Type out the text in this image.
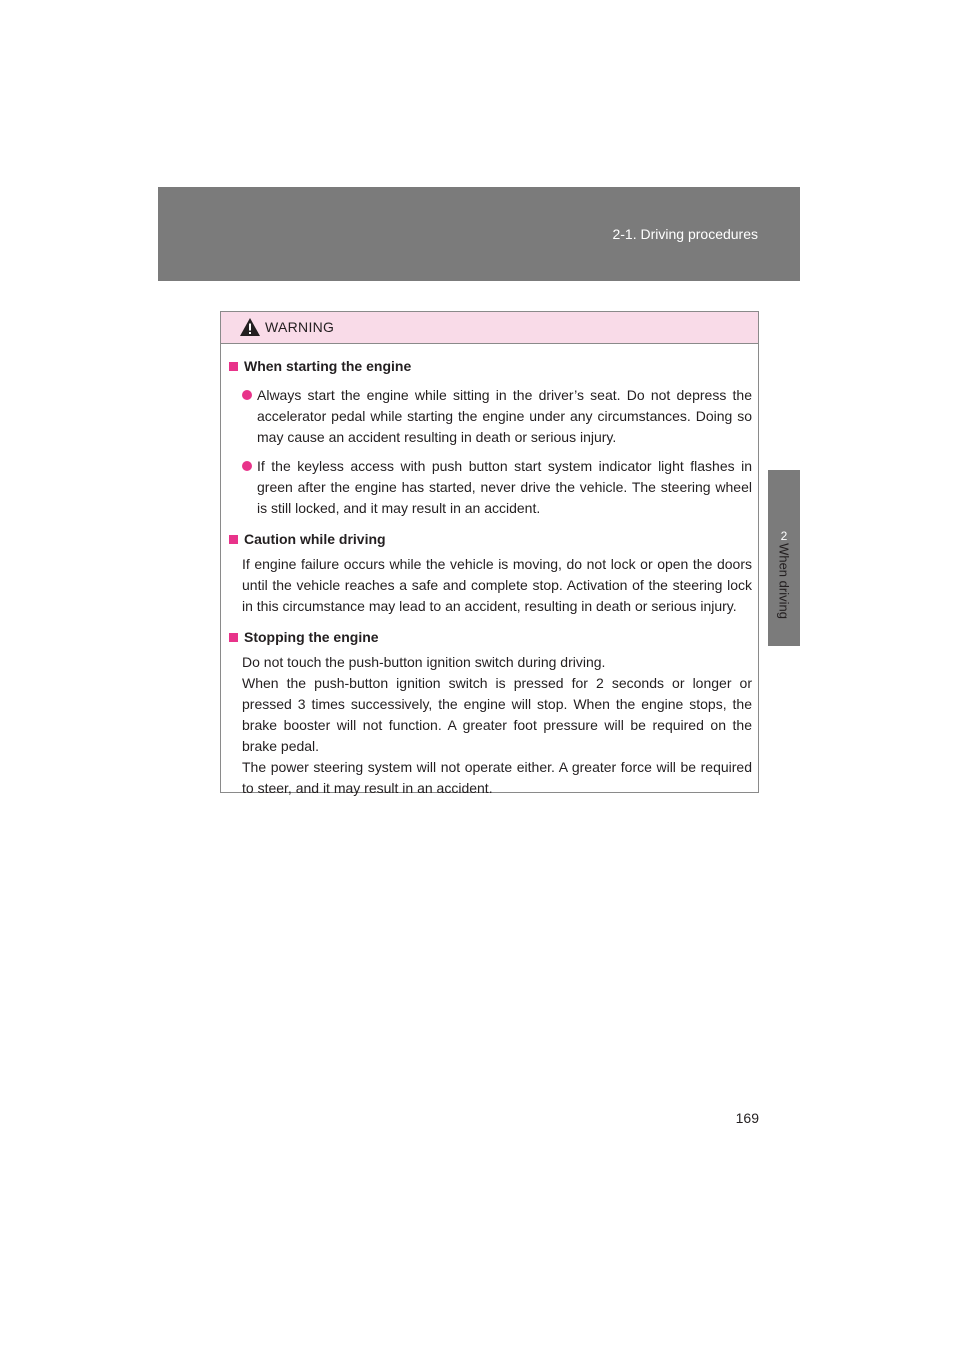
2-1. Driving procedures
2
When driving
WARNING
When starting the engine
Always start the engine while sitting in the driver’s seat. Do not depress the accelerator pedal while starting the engine under any circumstances. Doing so may cause an accident resulting in death or serious injury.
If the keyless access with push button start system indicator light flashes in green after the engine has started, never drive the vehicle. The steering wheel is still locked, and it may result in an accident.
Caution while driving
If engine failure occurs while the vehicle is moving, do not lock or open the doors until the vehicle reaches a safe and complete stop. Activation of the steering lock in this circumstance may lead to an accident, resulting in death or serious injury.
Stopping the engine
Do not touch the push-button ignition switch during driving.
When the push-button ignition switch is pressed for 2 seconds or longer or pressed 3 times successively, the engine will stop. When the engine stops, the brake booster will not function. A greater foot pressure will be required on the brake pedal.
The power steering system will not operate either. A greater force will be required to steer, and it may result in an accident.
169
